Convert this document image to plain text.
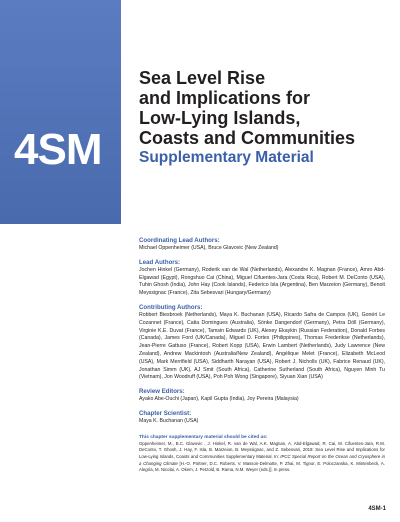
4SM
Sea Level Rise
and Implications for
Low-Lying Islands,
Coasts and Communities
Supplementary Material
Coordinating Lead Authors:
Michael Oppenheimer (USA), Bruce Glavovic (New Zealand)
Lead Authors:
Jochen Hinkel (Germany), Roderik van de Wal (Netherlands), Alexandre K. Magnan (France), Amro Abd-Elgawad (Egypt), Rongshuo Cai (China), Miguel Cifuentes-Jara (Costa Rica), Robert M. DeConto (USA), Tuhin Ghosh (India), John Hay (Cook Islands), Federico Isla (Argentina), Ben Marzeion (Germany), Benoit Meyssignac (France), Zita Sebesvari (Hungary/Germany)
Contributing Authors:
Robbert Biesbroek (Netherlands), Maya K. Buchanan (USA), Ricardo Safra de Campos (UK), Gonéri Le Cozannet (France), Catia Domingues (Australia), Sönke Dangendorf (Germany), Petra Döll (Germany), Virginie K.E. Duvat (France), Tamsin Edwards (UK), Alexey Ekaykin (Russian Federation), Donald Forbes (Canada), James Ford (UK/Canada), Miguel D. Fortes (Philippines), Thomas Frederikse (Netherlands), Jean-Pierre Gattuso (France), Robert Kopp (USA), Erwin Lambert (Netherlands), Judy Lawrence (New Zealand), Andrew Mackintosh (Australia/New Zealand), Angélique Melet (France), Elizabeth McLeod (USA), Mark Merrifield (USA), Siddharth Narayan (USA), Robert J. Nicholls (UK), Fabrice Renaud (UK), Jonathan Simm (UK), AJ Smit (South Africa), Catherine Sutherland (South Africa), Nguyen Minh Tu (Vietnam), Jon Woodruff (USA), Poh Poh Wong (Singapore), Siyuan Xian (USA)
Review Editors:
Ayako Abe-Ouchi (Japan), Kapil Gupta (India), Joy Pereira (Malaysia)
Chapter Scientist:
Maya K. Buchanan (USA)
This chapter supplementary material should be cited as:
Oppenheimer, M., B.C. Glavovic , J. Hinkel, R. van de Wal, A.K. Magnan, A. Abd-Elgawad, R. Cai, M. Cifuentes-Jara, R.M. DeConto, T. Ghosh, J. Hay, F. Isla, B. Marzeion, B. Meyssignac, and Z. Sebesvari, 2019: Sea Level Rise and Implications for Low-Lying Islands, Coasts and Communities Supplementary Material. In: IPCC Special Report on the Ocean and Cryosphere in a Changing Climate [H.-O. Pörtner, D.C. Roberts, V. Masson-Delmotte, P. Zhai, M. Tignor, E. Poloczanska, K. Mintenbeck, A. Alegría, M. Nicolai, A. Okem, J. Petzold, B. Rama, N.M. Weyer (eds.)]. In press.
4SM-1
